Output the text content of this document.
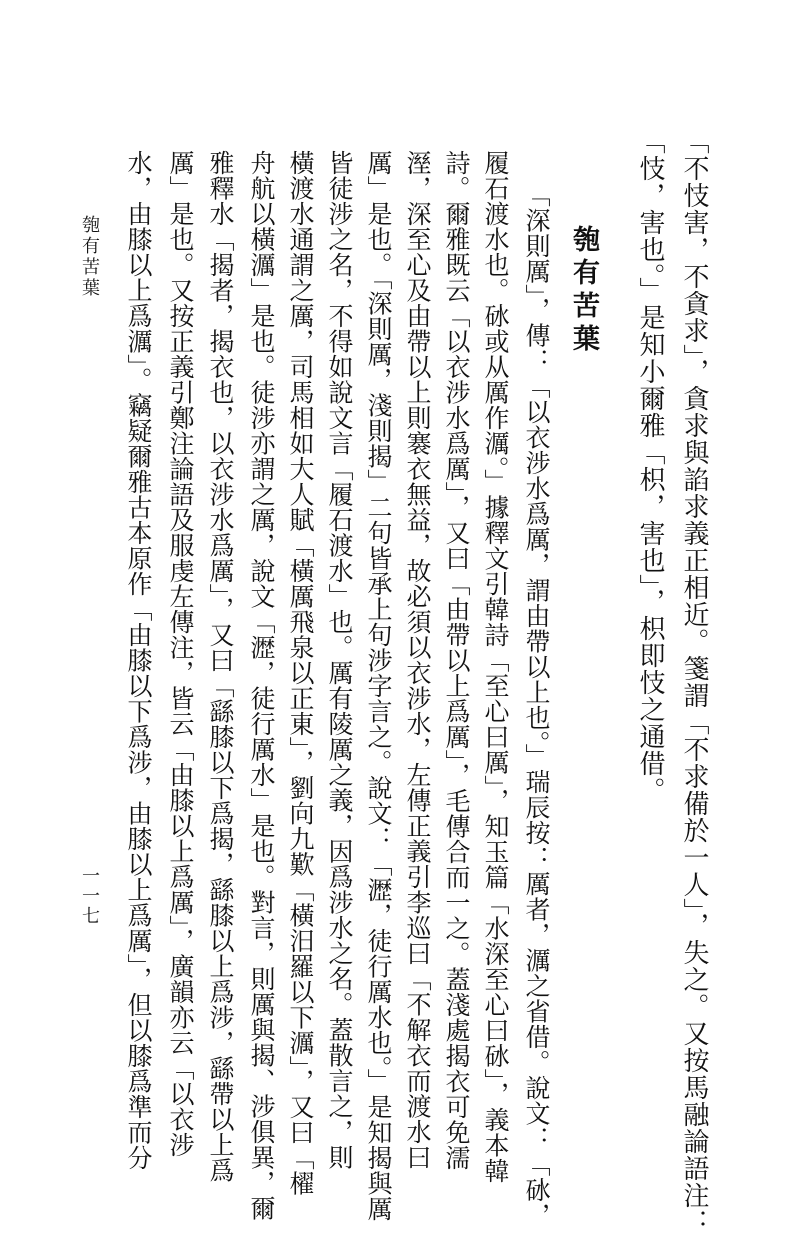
「不忮害，不貪求」，貪求與諂求義正相近。箋謂「不求備於一人」，失之。又按馬融論語注：
「忮，害也。」是知小爾雅「枳，害也」，枳即忮之通借。
匏有苦葉
「深則厲」，傳：「以衣涉水爲厲，謂由帶以上也。」瑞辰按：厲者，濿之省借。說文：「砅，
履石渡水也。砅或从厲作濿。」據釋文引韓詩「至心曰厲」，知玉篇「水深至心曰砅」，義本韓
詩。爾雅既云「以衣涉水爲厲」，又曰「由帶以上爲厲」，毛傳合而一之。蓋淺處揭衣可免濡
溼，深至心及由帶以上則褰衣無益，故必須以衣涉水，左傳正義引李巡曰「不解衣而渡水曰
厲」是也。「深則厲，淺則揭」二句皆承上句涉字言之。說文：「𤁋，徒行厲水也。」是知揭與厲
皆徒涉之名，不得如說文言「履石渡水」也。厲有陵厲之義，因爲涉水之名。蓋散言之，則
橫渡水通謂之厲，司馬相如大人賦「橫厲飛泉以正東」，劉向九歎「橫汨羅以下濿」，又曰「櫂
舟航以橫濿」是也。徒涉亦謂之厲，說文「𤁋，徒行厲水」是也。對言，則厲與揭、涉俱異，爾
雅釋水「揭者，揭衣也，以衣涉水爲厲」，又曰「繇膝以下爲揭，繇膝以上爲涉，繇帶以上爲
厲」是也。又按正義引鄭注論語及服虔左傳注，皆云「由膝以上爲厲」，廣韻亦云「以衣涉
水，由膝以上爲濿」。竊疑爾雅古本原作「由膝以下爲涉，由膝以上爲厲」，但以膝爲準而分
匏有苦葉
一一七
